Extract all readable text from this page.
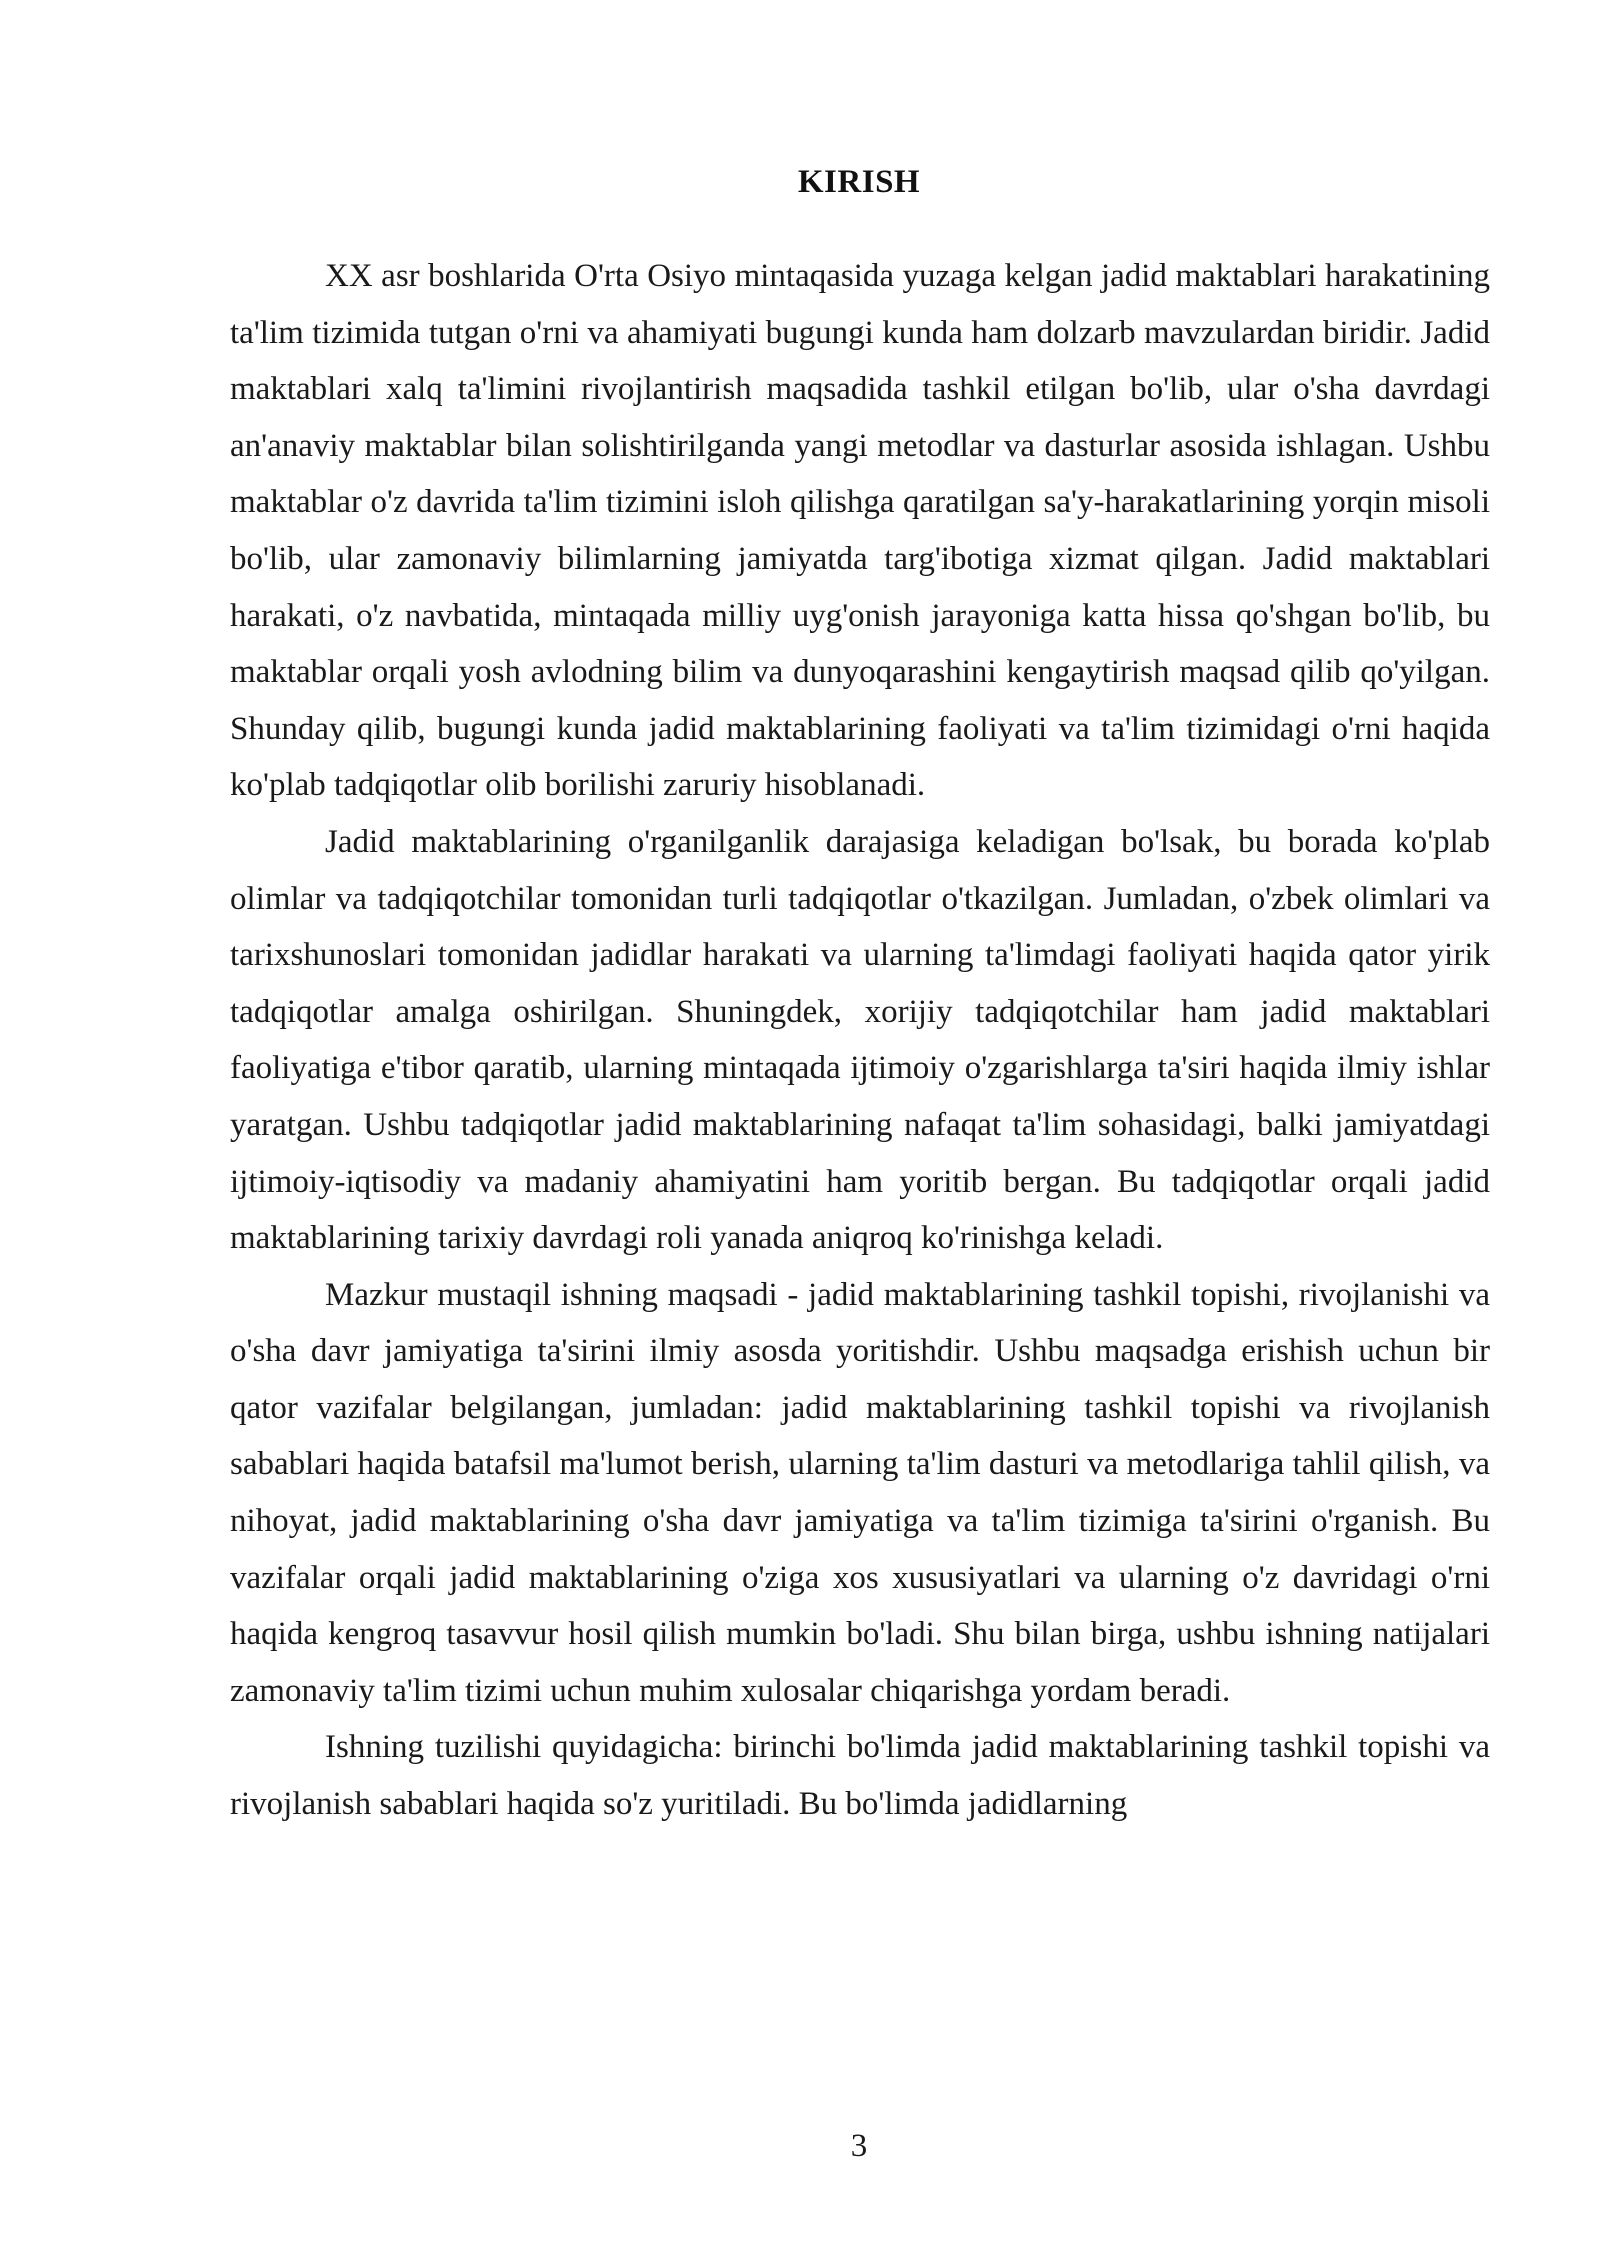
KIRISH

XX asr boshlarida O'rta Osiyo mintaqasida yuzaga kelgan jadid maktablari harakatining ta'lim tizimida tutgan o'rni va ahamiyati bugungi kunda ham dolzarb mavzulardan biridir. Jadid maktablari xalq ta'limini rivojlantirish maqsadida tashkil etilgan bo'lib, ular o'sha davrdagi an'anaviy maktablar bilan solishtirilganda yangi metodlar va dasturlar asosida ishlagan. Ushbu maktablar o'z davrida ta'lim tizimini isloh qilishga qaratilgan sa'y-harakatlarining yorqin misoli bo'lib, ular zamonaviy bilimlarning jamiyatda targ'ibotiga xizmat qilgan. Jadid maktablari harakati, o'z navbatida, mintaqada milliy uyg'onish jarayoniga katta hissa qo'shgan bo'lib, bu maktablar orqali yosh avlodning bilim va dunyoqarashini kengaytirish maqsad qilib qo'yilgan. Shunday qilib, bugungi kunda jadid maktablarining faoliyati va ta'lim tizimidagi o'rni haqida ko'plab tadqiqotlar olib borilishi zaruriy hisoblanadi.

Jadid maktablarining o'rganilganlik darajasiga keladigan bo'lsak, bu borada ko'plab olimlar va tadqiqotchilar tomonidan turli tadqiqotlar o'tkazilgan. Jumladan, o'zbek olimlari va tarixshunoslari tomonidan jadidlar harakati va ularning ta'limdagi faoliyati haqida qator yirik tadqiqotlar amalga oshirilgan. Shuningdek, xorijiy tadqiqotchilar ham jadid maktablari faoliyatiga e'tibor qaratib, ularning mintaqada ijtimoiy o'zgarishlarga ta'siri haqida ilmiy ishlar yaratgan. Ushbu tadqiqotlar jadid maktablarining nafaqat ta'lim sohasidagi, balki jamiyatdagi ijtimoiy-iqtisodiy va madaniy ahamiyatini ham yoritib bergan. Bu tadqiqotlar orqali jadid maktablarining tarixiy davrdagi roli yanada aniqroq ko'rinishga keladi.

Mazkur mustaqil ishning maqsadi - jadid maktablarining tashkil topishi, rivojlanishi va o'sha davr jamiyatiga ta'sirini ilmiy asosda yoritishdir. Ushbu maqsadga erishish uchun bir qator vazifalar belgilangan, jumladan: jadid maktablarining tashkil topishi va rivojlanish sabablari haqida batafsil ma'lumot berish, ularning ta'lim dasturi va metodlariga tahlil qilish, va nihoyat, jadid maktablarining o'sha davr jamiyatiga va ta'lim tizimiga ta'sirini o'rganish. Bu vazifalar orqali jadid maktablarining o'ziga xos xususiyatlari va ularning o'z davridagi o'rni haqida kengroq tasavvur hosil qilish mumkin bo'ladi. Shu bilan birga, ushbu ishning natijalari zamonaviy ta'lim tizimi uchun muhim xulosalar chiqarishga yordam beradi.

Ishning tuzilishi quyidagicha: birinchi bo'limda jadid maktablarining tashkil topishi va rivojlanish sabablari haqida so'z yuritiladi. Bu bo'limda jadidlarning

3
